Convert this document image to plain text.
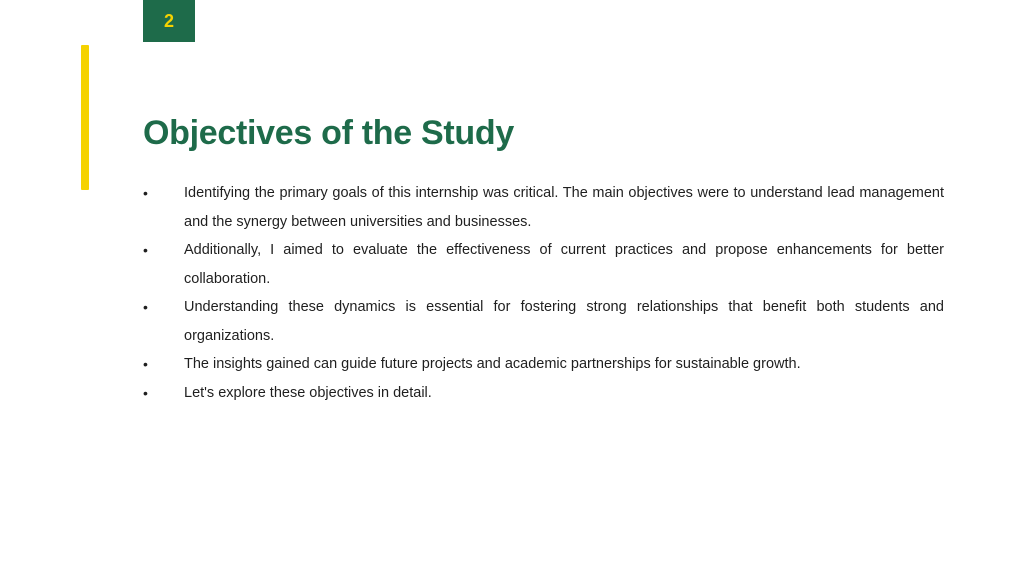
2
Objectives of the Study
•	Identifying the primary goals of this internship was critical. The main objectives were to understand lead management and the synergy between universities and businesses.
•	Additionally, I aimed to evaluate the effectiveness of current practices and propose enhancements for better collaboration.
•	Understanding these dynamics is essential for fostering strong relationships that benefit both students and organizations.
•	The insights gained can guide future projects and academic partnerships for sustainable growth.
•	Let's explore these objectives in detail.
